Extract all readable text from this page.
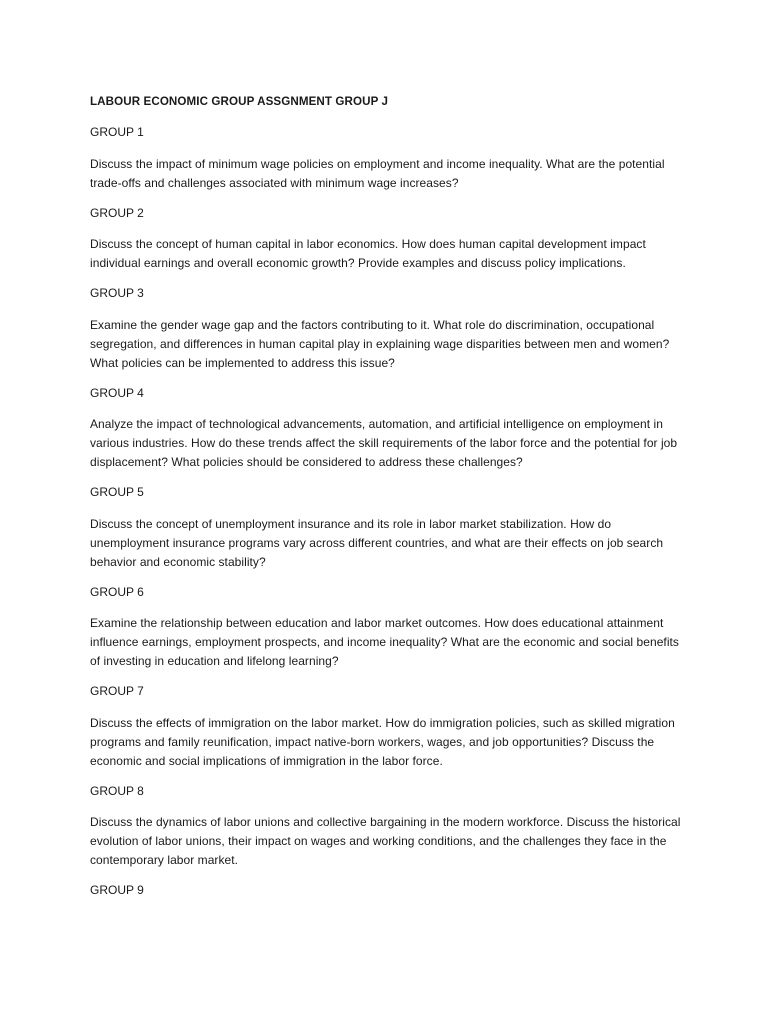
LABOUR ECONOMIC GROUP ASSGNMENT GROUP J
GROUP 1
Discuss the impact of minimum wage policies on employment and income inequality. What are the potential trade-offs and challenges associated with minimum wage increases?
GROUP 2
Discuss the concept of human capital in labor economics. How does human capital development impact individual earnings and overall economic growth? Provide examples and discuss policy implications.
GROUP 3
Examine the gender wage gap and the factors contributing to it. What role do discrimination, occupational segregation, and differences in human capital play in explaining wage disparities between men and women? What policies can be implemented to address this issue?
GROUP 4
Analyze the impact of technological advancements, automation, and artificial intelligence on employment in various industries. How do these trends affect the skill requirements of the labor force and the potential for job displacement? What policies should be considered to address these challenges?
GROUP 5
Discuss the concept of unemployment insurance and its role in labor market stabilization. How do unemployment insurance programs vary across different countries, and what are their effects on job search behavior and economic stability?
GROUP 6
Examine the relationship between education and labor market outcomes. How does educational attainment influence earnings, employment prospects, and income inequality? What are the economic and social benefits of investing in education and lifelong learning?
GROUP 7
Discuss the effects of immigration on the labor market. How do immigration policies, such as skilled migration programs and family reunification, impact native-born workers, wages, and job opportunities? Discuss the economic and social implications of immigration in the labor force.
GROUP 8
Discuss the dynamics of labor unions and collective bargaining in the modern workforce. Discuss the historical evolution of labor unions, their impact on wages and working conditions, and the challenges they face in the contemporary labor market.
GROUP 9
